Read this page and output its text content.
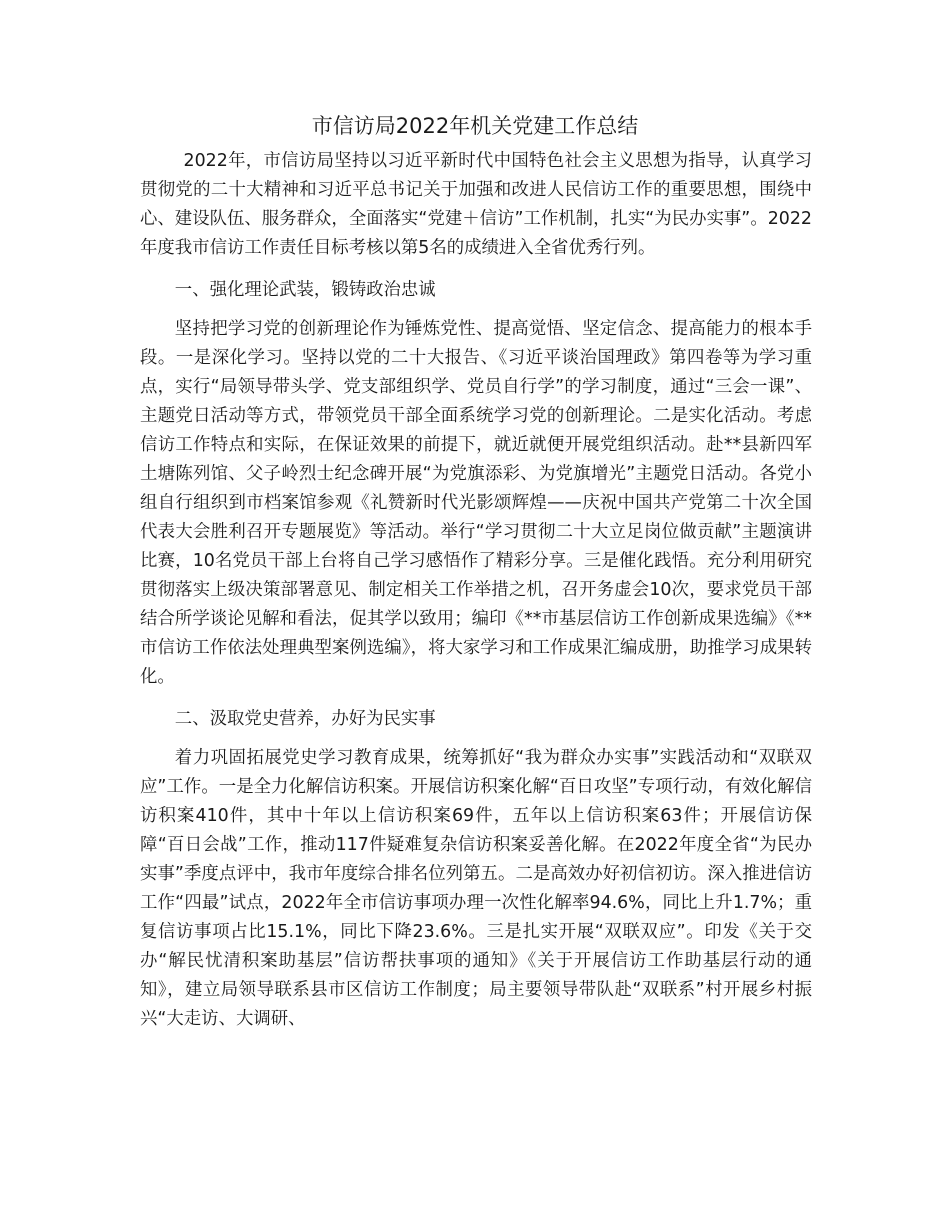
市信访局2022年机关党建工作总结

2022年，市信访局坚持以习近平新时代中国特色社会主义思想为指导，认真学习贯彻党的二十大精神和习近平总书记关于加强和改进人民信访工作的重要思想，围绕中心、建设队伍、服务群众，全面落实“党建＋信访”工作机制，扎实“为民办实事”。2022年度我市信访工作责任目标考核以第5名的成绩进入全省优秀行列。

一、强化理论武装，锻铸政治忠诚

坚持把学习党的创新理论作为锤炼党性、提高觉悟、坚定信念、提高能力的根本手段。一是深化学习。坚持以党的二十大报告、《习近平谈治国理政》第四卷等为学习重点，实行“局领导带头学、党支部组织学、党员自行学”的学习制度，通过“三会一课”、主题党日活动等方式，带领党员干部全面系统学习党的创新理论。二是实化活动。考虑信访工作特点和实际，在保证效果的前提下，就近就便开展党组织活动。赴**县新四军土塘陈列馆、父子岭烈士纪念碑开展“为党旗添彩、为党旗增光”主题党日活动。各党小组自行组织到市档案馆参观《礼赞新时代光影颂辉煌——庆祝中国共产党第二十次全国代表大会胜利召开专题展览》等活动。举行“学习贯彻二十大立足岗位做贡献”主题演讲比赛，10名党员干部上台将自己学习感悟作了精彩分享。三是催化践悟。充分利用研究贯彻落实上级决策部署意见、制定相关工作举措之机，召开务虚会10次，要求党员干部结合所学谈论见解和看法，促其学以致用；编印《**市基层信访工作创新成果选编》《**市信访工作依法处理典型案例选编》，将大家学习和工作成果汇编成册，助推学习成果转化。

二、汲取党史营养，办好为民实事

着力巩固拓展党史学习教育成果，统筹抓好“我为群众办实事”实践活动和“双联双应”工作。一是全力化解信访积案。开展信访积案化解“百日攻坚”专项行动，有效化解信访积案410件，其中十年以上信访积案69件，五年以上信访积案63件；开展信访保障“百日会战”工作，推动117件疑难复杂信访积案妥善化解。在2022年度全省“为民办实事”季度点评中，我市年度综合排名位列第五。二是高效办好初信初访。深入推进信访工作“四最”试点，2022年全市信访事项办理一次性化解率94.6%，同比上升1.7%；重复信访事项占比15.1%，同比下降23.6%。三是扎实开展“双联双应”。印发《关于交办“解民忧清积案助基层”信访帮扶事项的通知》《关于开展信访工作助基层行动的通知》，建立局领导联系县市区信访工作制度；局主要领导带队赴“双联系”村开展乡村振兴“大走访、大调研、
